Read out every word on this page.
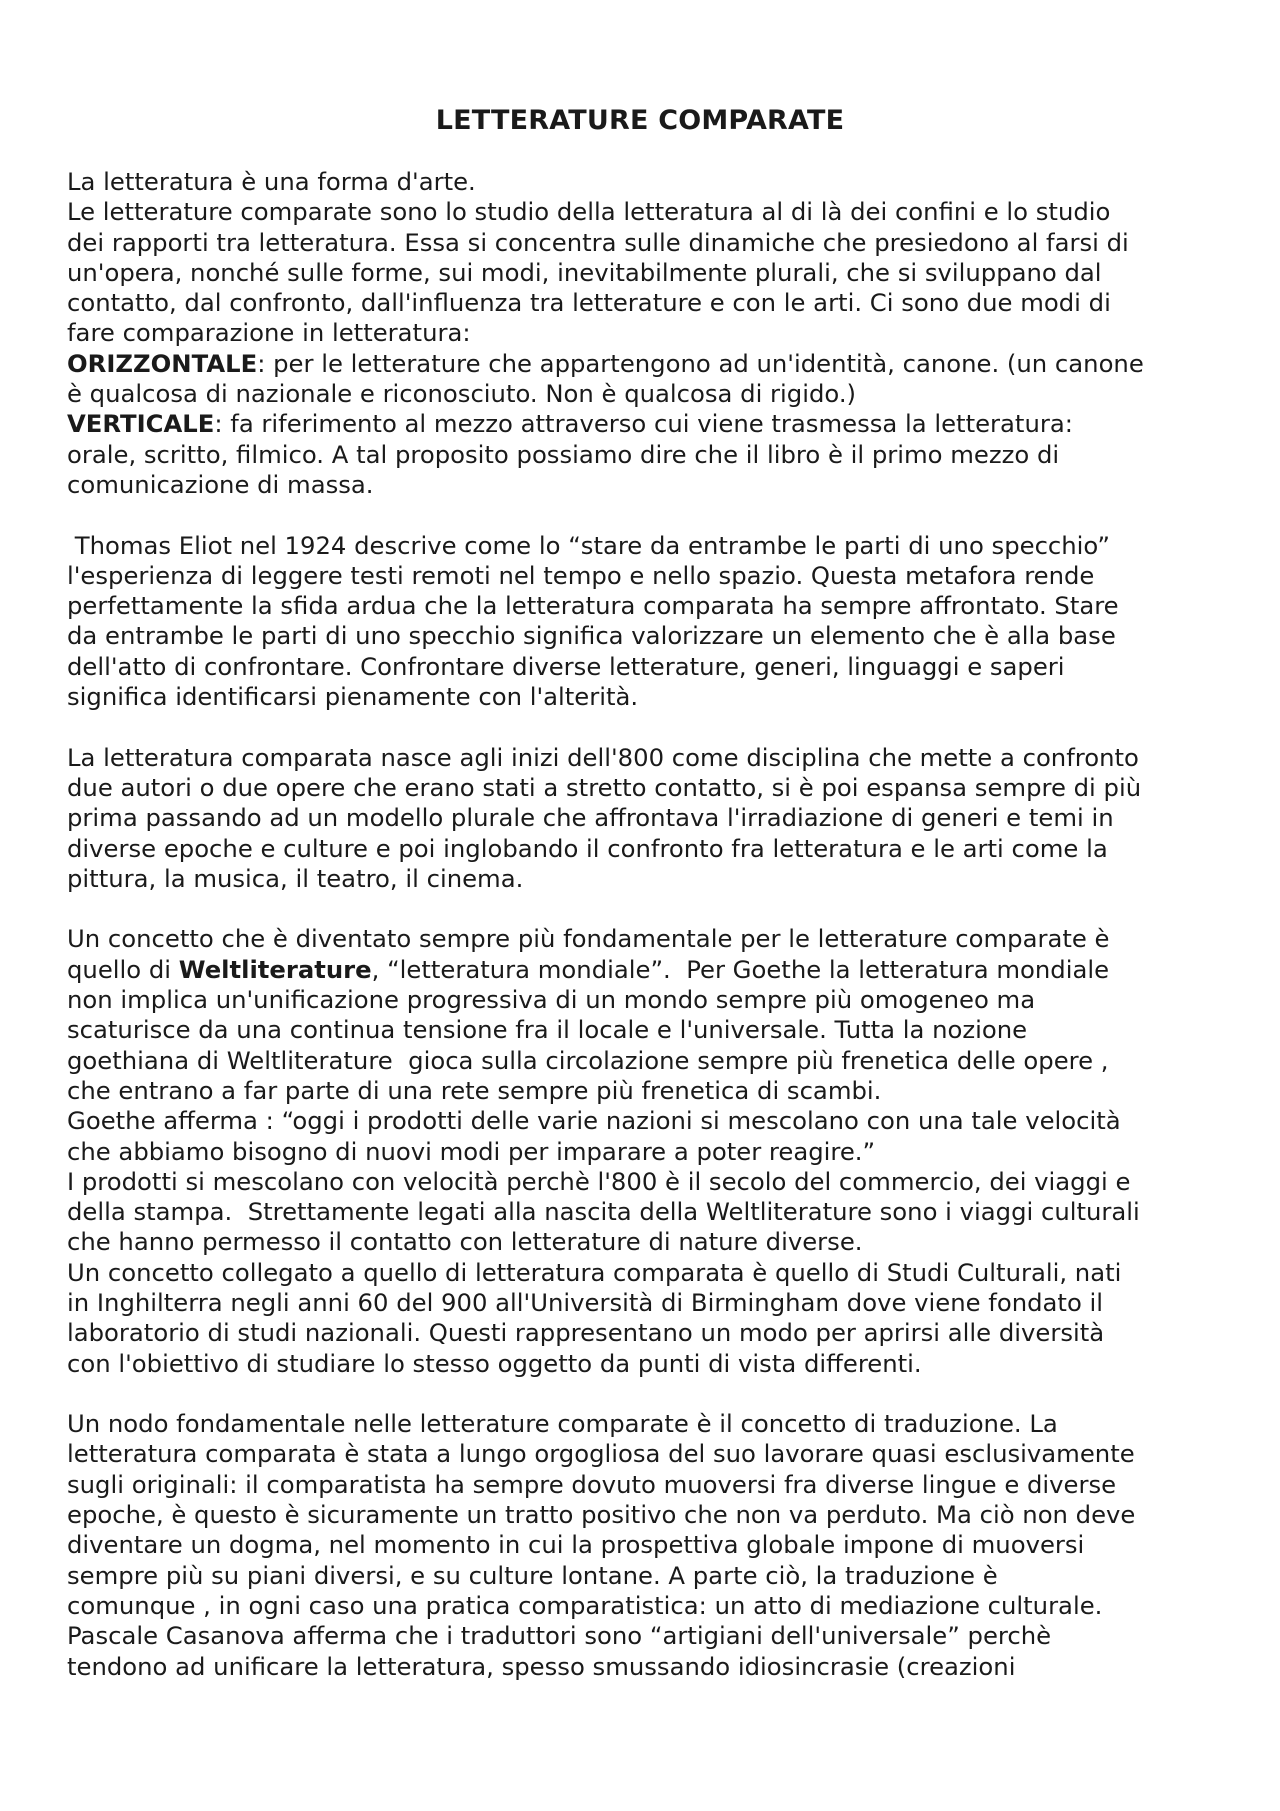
LETTERATURE COMPARATE
La letteratura è una forma d'arte.
Le letterature comparate sono lo studio della letteratura al di là dei confini e lo studio
dei rapporti tra letteratura. Essa si concentra sulle dinamiche che presiedono al farsi di
un'opera, nonché sulle forme, sui modi, inevitabilmente plurali, che si sviluppano dal
contatto, dal confronto, dall'influenza tra letterature e con le arti. Ci sono due modi di
fare comparazione in letteratura:
ORIZZONTALE: per le letterature che appartengono ad un'identità, canone. (un canone
è qualcosa di nazionale e riconosciuto. Non è qualcosa di rigido.)
VERTICALE: fa riferimento al mezzo attraverso cui viene trasmessa la letteratura:
orale, scritto, filmico. A tal proposito possiamo dire che il libro è il primo mezzo di
comunicazione di massa.
Thomas Eliot nel 1924 descrive come lo “stare da entrambe le parti di uno specchio”
l'esperienza di leggere testi remoti nel tempo e nello spazio. Questa metafora rende
perfettamente la sfida ardua che la letteratura comparata ha sempre affrontato. Stare
da entrambe le parti di uno specchio significa valorizzare un elemento che è alla base
dell'atto di confrontare. Confrontare diverse letterature, generi, linguaggi e saperi
significa identificarsi pienamente con l'alterità.
La letteratura comparata nasce agli inizi dell'800 come disciplina che mette a confronto
due autori o due opere che erano stati a stretto contatto, si è poi espansa sempre di più
prima passando ad un modello plurale che affrontava l'irradiazione di generi e temi in
diverse epoche e culture e poi inglobando il confronto fra letteratura e le arti come la
pittura, la musica, il teatro, il cinema.
Un concetto che è diventato sempre più fondamentale per le letterature comparate è
quello di Weltliterature, “letteratura mondiale”.  Per Goethe la letteratura mondiale
non implica un'unificazione progressiva di un mondo sempre più omogeneo ma
scaturisce da una continua tensione fra il locale e l'universale. Tutta la nozione
goethiana di Weltliterature  gioca sulla circolazione sempre più frenetica delle opere ,
che entrano a far parte di una rete sempre più frenetica di scambi.
Goethe afferma : “oggi i prodotti delle varie nazioni si mescolano con una tale velocità
che abbiamo bisogno di nuovi modi per imparare a poter reagire.”
I prodotti si mescolano con velocità perchè l'800 è il secolo del commercio, dei viaggi e
della stampa.  Strettamente legati alla nascita della Weltliterature sono i viaggi culturali
che hanno permesso il contatto con letterature di nature diverse.
Un concetto collegato a quello di letteratura comparata è quello di Studi Culturali, nati
in Inghilterra negli anni 60 del 900 all'Università di Birmingham dove viene fondato il
laboratorio di studi nazionali. Questi rappresentano un modo per aprirsi alle diversità
con l'obiettivo di studiare lo stesso oggetto da punti di vista differenti.
Un nodo fondamentale nelle letterature comparate è il concetto di traduzione. La
letteratura comparata è stata a lungo orgogliosa del suo lavorare quasi esclusivamente
sugli originali: il comparatista ha sempre dovuto muoversi fra diverse lingue e diverse
epoche, è questo è sicuramente un tratto positivo che non va perduto. Ma ciò non deve
diventare un dogma, nel momento in cui la prospettiva globale impone di muoversi
sempre più su piani diversi, e su culture lontane. A parte ciò, la traduzione è
comunque , in ogni caso una pratica comparatistica: un atto di mediazione culturale.
Pascale Casanova afferma che i traduttori sono “artigiani dell'universale” perchè
tendono ad unificare la letteratura, spesso smussando idiosincrasie (creazioni
